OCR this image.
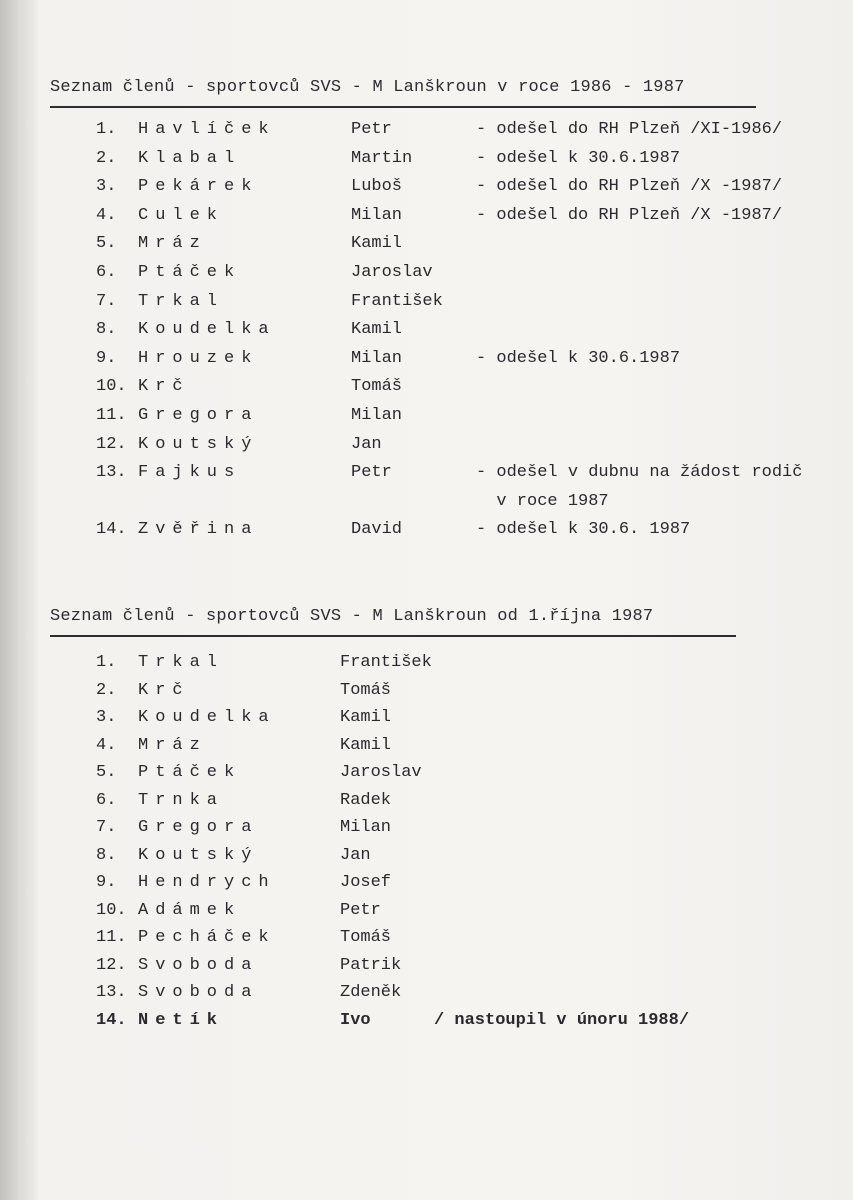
Seznam členů - sportovců SVS - M Lanškroun v roce 1986 - 1987
1.	Havlíček	Petr	- odešel do RH Plzeň /XI-1986/
2.	Klabal	Martin	- odešel k 30.6.1987
3.	Pekárek	Luboš	- odešel do RH Plzeň /X -1987/
4.	Culek	Milan	- odešel do RH Plzeň /X -1987/
5.	Mráz	Kamil
6.	Ptáček	Jaroslav
7.	Trkal	František
8.	Koudelka	Kamil
9.	Hrouzek	Milan	- odešel k 30.6.1987
10. Krč	Tomáš
11. Gregora	Milan
12. Koutský	Jan
13. Fajkus	Petr	- odešel v dubnu na žádost rodič
v roce 1987
14. Zvěřina	David	- odešel k 30.6. 1987
Seznam členů - sportovců SVS - M Lanškroun od 1.října 1987
1.	Trkal	František
2.	Krč	Tomáš
3.	Koudelka	Kamil
4.	Mráz	Kamil
5.	Ptáček	Jaroslav
6.	Trnka	Radek
7.	Gregora	Milan
8.	Koutský	Jan
9.	Hendrych	Josef
10. Adámek	Petr
11. Pecháček	Tomáš
12. Svoboda	Patrik
13. Svoboda	Zdeněk
14. Netík	Ivo	/ nastoupil v únoru 1988/
